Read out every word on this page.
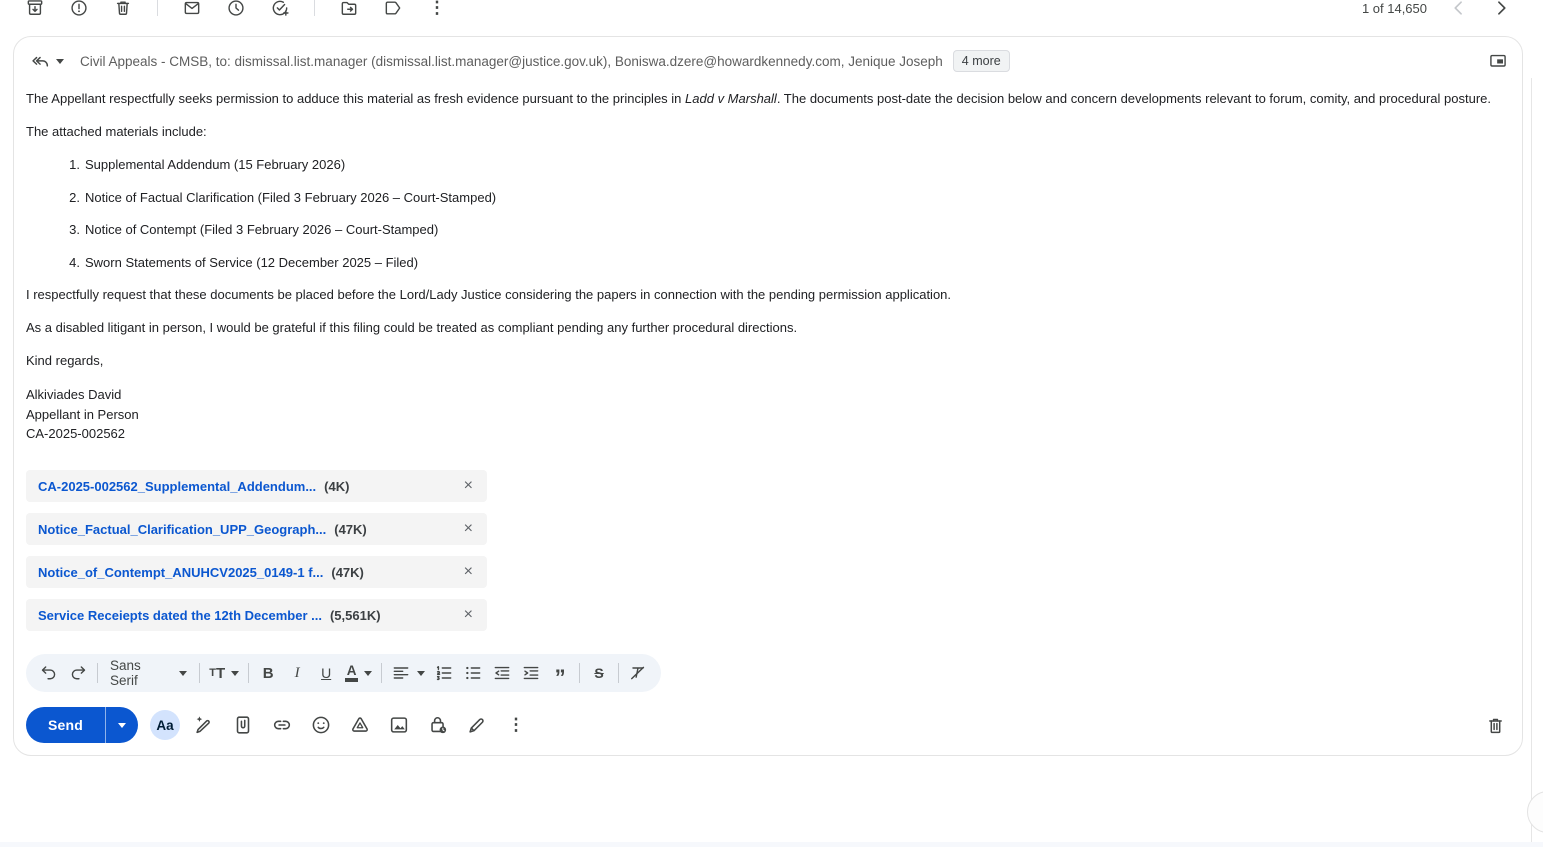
⋮	1 of 14,650
Civil Appeals - CMSB, to: dismissal.list.manager (dismissal.list.manager@justice.gov.uk), Boniswa.dzere@howardkennedy.com, Jenique Joseph	4 more

The Appellant respectfully seeks permission to adduce this material as fresh evidence pursuant to the principles in Ladd v Marshall. The documents post-date the decision below and concern developments relevant to forum, comity, and procedural posture.

The attached materials include:

1. Supplemental Addendum (15 February 2026)
2. Notice of Factual Clarification (Filed 3 February 2026 – Court-Stamped)
3. Notice of Contempt (Filed 3 February 2026 – Court-Stamped)
4. Sworn Statements of Service (12 December 2025 – Filed)

I respectfully request that these documents be placed before the Lord/Lady Justice considering the papers in connection with the pending permission application.

As a disabled litigant in person, I would be grateful if this filing could be treated as compliant pending any further procedural directions.

Kind regards,

Alkiviades David
Appellant in Person
CA-2025-002562
CA-2025-002562_Supplemental_Addendum... (4K)	×
Notice_Factual_Clarification_UPP_Geograph... (47K)	×
Notice_of_Contempt_ANUHCV2025_0149-1 f... (47K)	×
Service Receiepts dated the 12th December ... (5,561K)	×
Sans Serif
T T	B	I	U	A	”	S
Send	Aa	⋮
